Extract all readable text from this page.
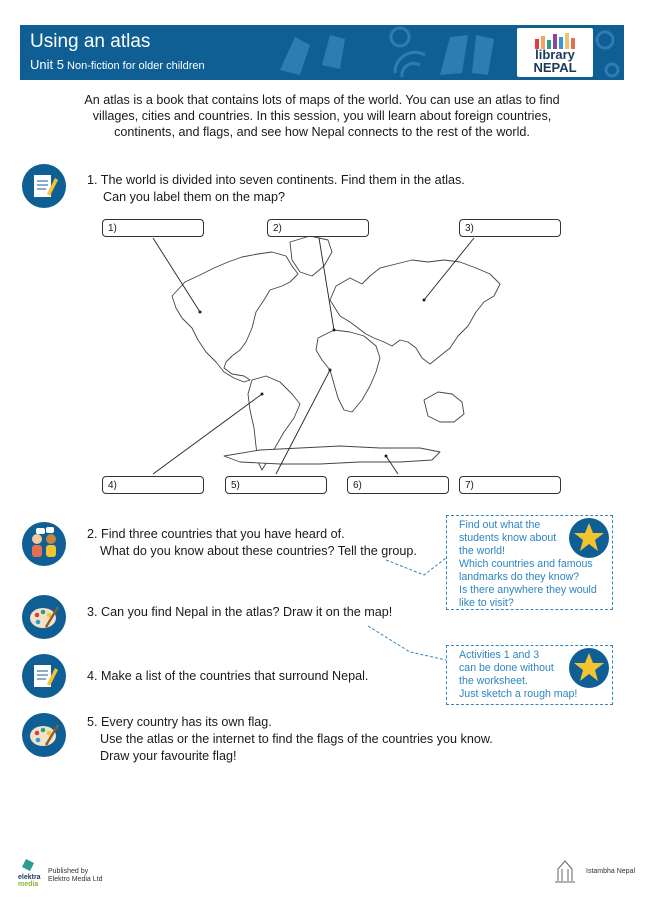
Using an atlas
Unit 5 Non-fiction for older children
library
NEPAL
An atlas is a book that contains lots of maps of the world. You can use an atlas to find villages, cities and countries. In this session, you will learn about foreign countries, continents, and flags, and see how Nepal connects to the rest of the world.
1. The world is divided into seven continents. Find them in the atlas.
Can you label them on the map?
1)	2)	3)
4)	5)	6)	7)
2. Find three countries that you have heard of.
What do you know about these countries? Tell the group.
3. Can you find Nepal in the atlas? Draw it on the map!
4. Make a list of the countries that surround Nepal.
5. Every country has its own flag.
Use the atlas or the internet to find the flags of the countries you know.
Draw your favourite flag!
Find out what the
students know about
the world!
Which countries and famous
landmarks do they know?
Is there anywhere they would
like to visit?
Activities 1 and 3
can be done without
the worksheet.
Just sketch a rough map!
elektra
media
Published by
Elektro Media Ltd
Istambha Nepal
